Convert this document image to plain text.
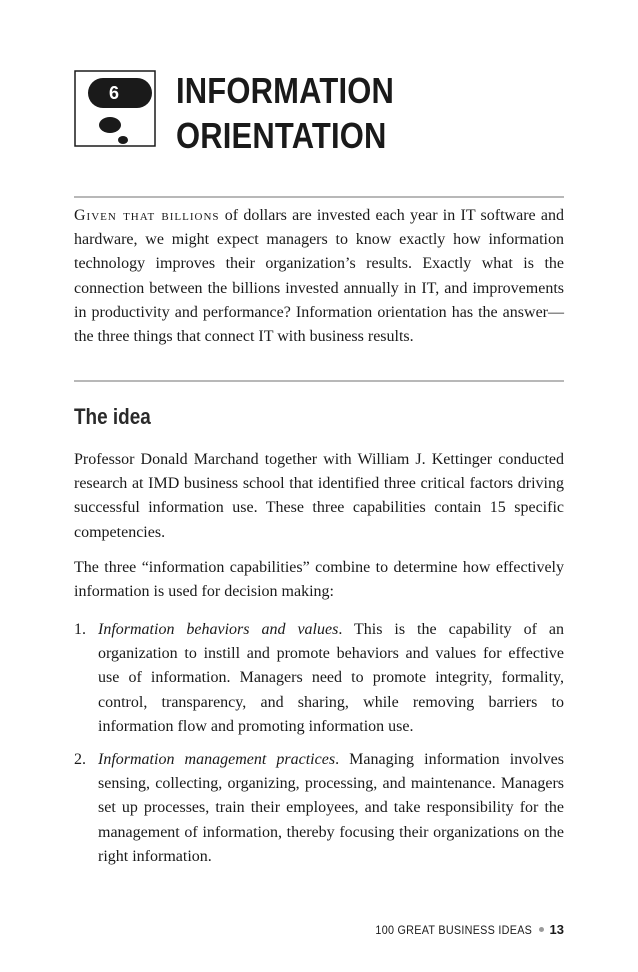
6 INFORMATION
ORIENTATION
Given that billions of dollars are invested each year in IT software and hardware, we might expect managers to know exactly how information technology improves their organization’s results. Exactly what is the connection between the billions invested annually in IT, and improvements in productivity and performance? Information orientation has the answer—the three things that connect IT with business results.
The idea
Professor Donald Marchand together with William J. Kettinger conducted research at IMD business school that identified three critical factors driving successful information use. These three capabilities contain 15 specific competencies.
The three “information capabilities” combine to determine how effectively information is used for decision making:
1. Information behaviors and values. This is the capability of an organization to instill and promote behaviors and values for effective use of information. Managers need to promote integrity, formality, control, transparency, and sharing, while removing barriers to information flow and promoting information use.
2. Information management practices. Managing information involves sensing, collecting, organizing, processing, and maintenance. Managers set up processes, train their employees, and take responsibility for the management of information, thereby focusing their organizations on the right information.
100 GREAT BUSINESS IDEAS 13
